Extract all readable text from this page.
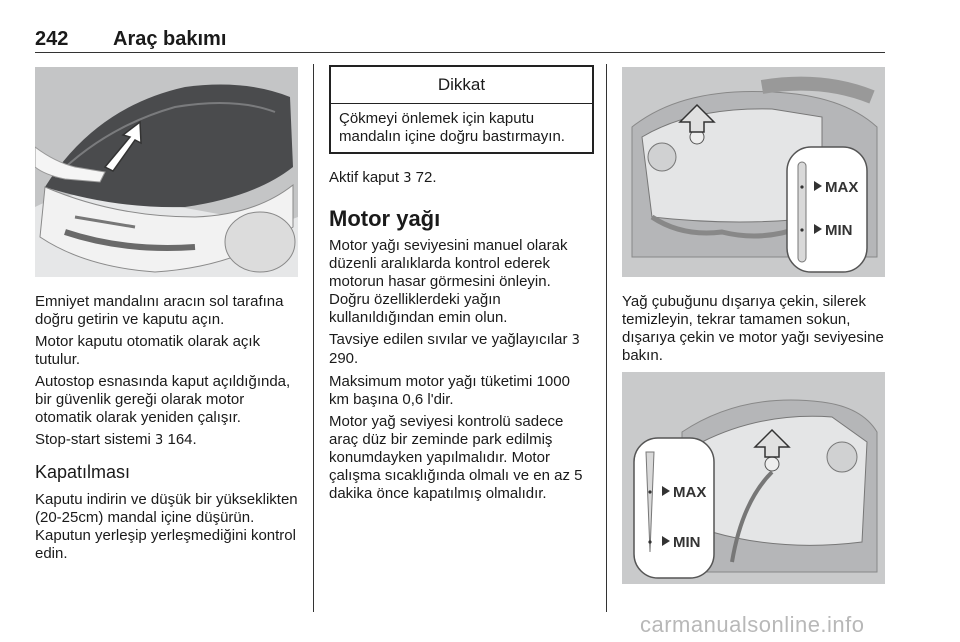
242 Araç bakımı

Emniyet mandalını aracın sol tarafına doğru getirin ve kaputu açın.

Motor kaputu otomatik olarak açık tutulur.

Autostop esnasında kaput açıldığında, bir güvenlik gereği olarak motor otomatik olarak yeniden çalışır.

Stop-start sistemi 3 164.

Kapatılması

Kaputu indirin ve düşük bir yükseklikten (20-25cm) mandal içine düşürün. Kaputun yerleşip yerleşmediğini kontrol edin.

Dikkat
Çökmeyi önlemek için kaputu mandalın içine doğru bastırmayın.

Aktif kaput 3 72.

Motor yağı

Motor yağı seviyesini manuel olarak düzenli aralıklarda kontrol ederek motorun hasar görmesini önleyin. Doğru özelliklerdeki yağın kullanıldığından emin olun.

Tavsiye edilen sıvılar ve yağlayıcılar 3 290.

Maksimum motor yağı tüketimi 1000 km başına 0,6 l'dir.

Motor yağ seviyesi kontrolü sadece araç düz bir zeminde park edilmiş konumdayken yapılmalıdır. Motor çalışma sıcaklığında olmalı ve en az 5 dakika önce kapatılmış olmalıdır.

MAX
MIN

Yağ çubuğunu dışarıya çekin, silerek temizleyin, tekrar tamamen sokun, dışarıya çekin ve motor yağı seviyesine bakın.

MAX
MIN
carmanualsonline.info
